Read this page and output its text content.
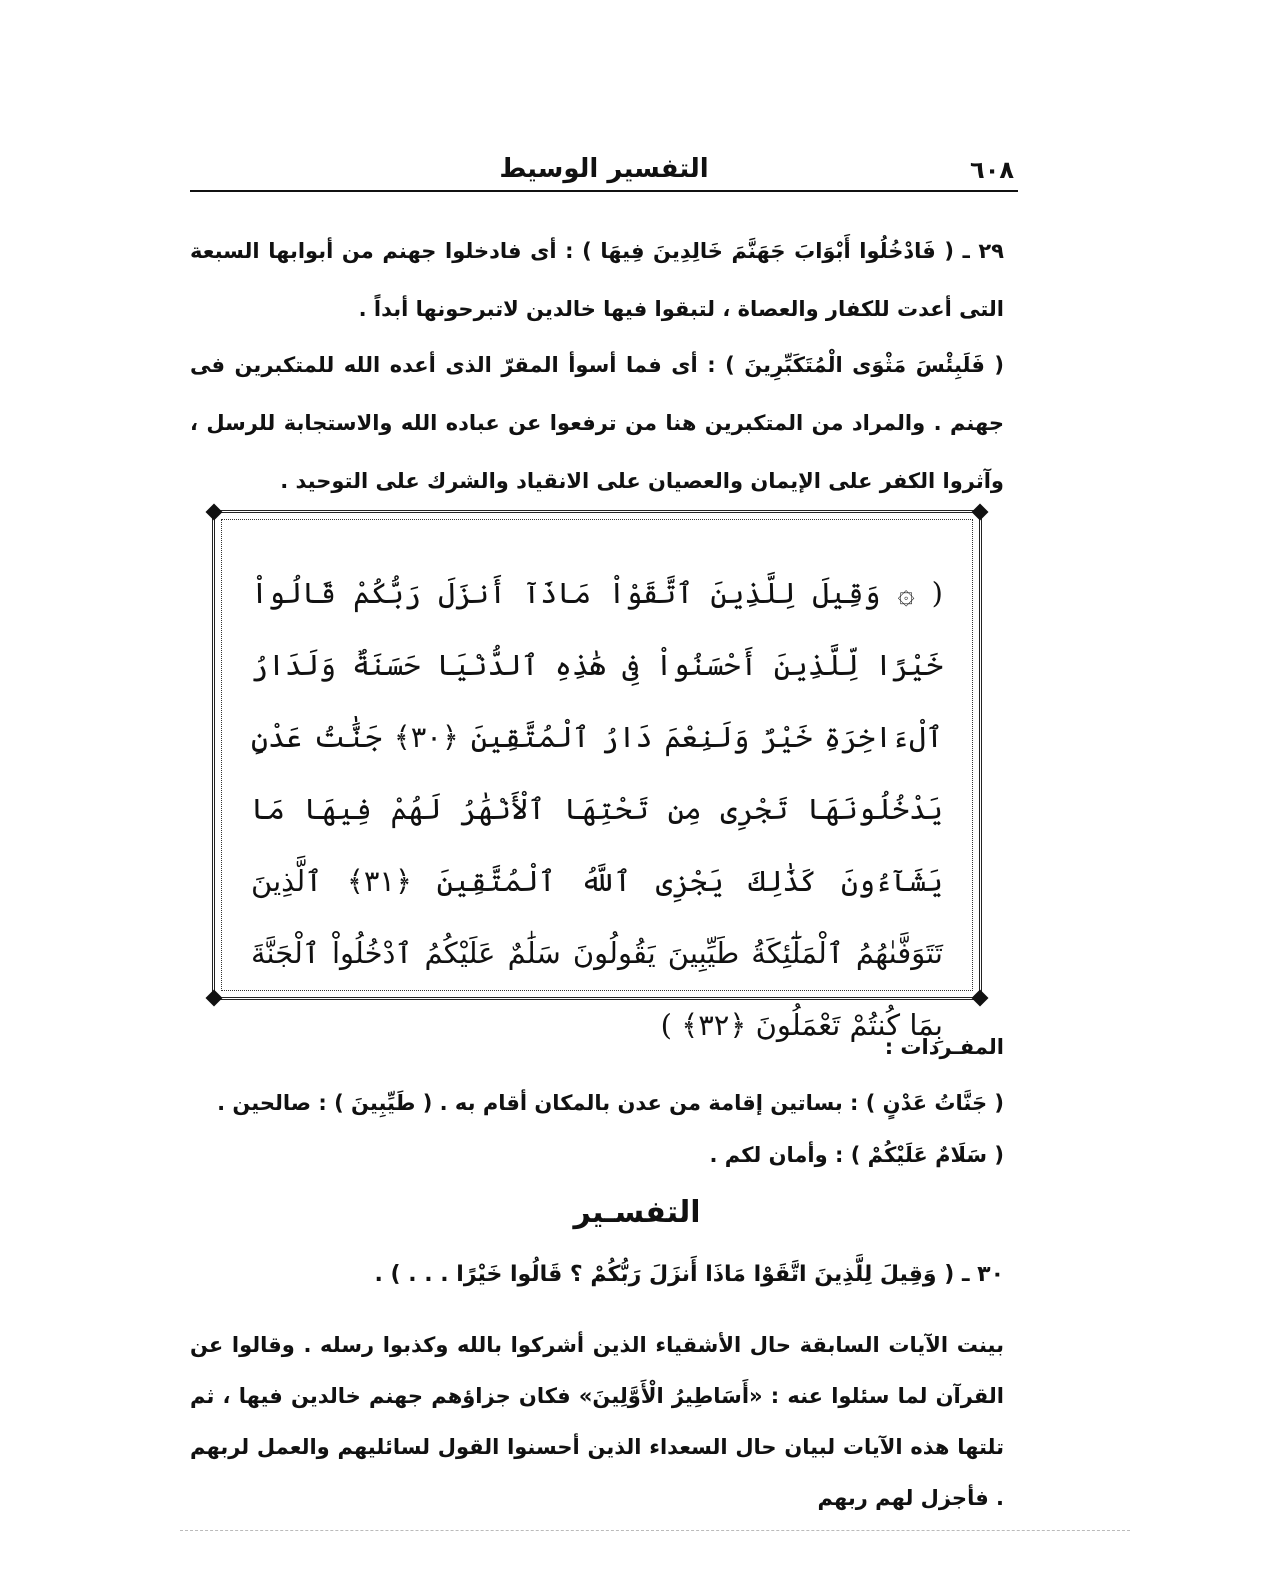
٦٠٨
التفسير الوسيط
٢٩ ـ ( فَادْخُلُوا أَبْوَابَ جَهَنَّمَ خَالِدِينَ فِيهَا ) : أى فادخلوا جهنم من أبوابها السبعة التى أعدت للكفار والعصاة ، لتبقوا فيها خالدين لاتبرحونها أبداً .
( فَلَبِئْسَ مَثْوَى الْمُتَكَبِّرِينَ ) : أى فما أسوأ المقرّ الذى أعده الله للمتكبرين فى جهنم . والمراد من المتكبرين هنا من ترفعوا عن عباده الله والاستجابة للرسل ، وآثروا الكفر على الإيمان والعصيان على الانقياد والشرك على التوحيد .
( ۞ وَقِيلَ لِلَّذِينَ ٱتَّقَوْاْ مَاذَآ أَنزَلَ رَبُّكُمْ قَالُواْ خَيْرًا لِّلَّذِينَ أَحْسَنُواْ فِى هَٰذِهِ ٱلدُّنْيَا حَسَنَةٌ وَلَدَارُ ٱلْءَاخِرَةِ خَيْرٌ وَلَنِعْمَ دَارُ ٱلْمُتَّقِينَ ﴿٣٠﴾ جَنَّٰتُ عَدْنٍ يَدْخُلُونَهَا تَجْرِى مِن تَحْتِهَا ٱلْأَنْهَٰرُ لَهُمْ فِيهَا مَا يَشَآءُونَ كَذَٰلِكَ يَجْزِى ٱللَّهُ ٱلْمُتَّقِينَ ﴿٣١﴾ ٱلَّذِينَ تَتَوَفَّىٰهُمُ ٱلْمَلَٰٓئِكَةُ طَيِّبِينَ يَقُولُونَ سَلَٰمٌ عَلَيْكُمُ ٱدْخُلُواْ ٱلْجَنَّةَ بِمَا كُنتُمْ تَعْمَلُونَ ﴿٣٢﴾ )
المفـردات :
( جَنَّاتُ عَدْنٍ ) : بساتين إقامة من عدن بالمكان أقام به . ( طَيِّبِينَ ) : صالحين .
( سَلَامٌ عَلَيْكُمْ ) : وأمان لكم .
التفسـير
٣٠ ـ ( وَقِيلَ لِلَّذِينَ اتَّقَوْا مَاذَا أَنزَلَ رَبُّكُمْ ؟ قَالُوا خَيْرًا . . . ) .
بينت الآيات السابقة حال الأشقياء الذين أشركوا بالله وكذبوا رسله . وقالوا عن القرآن لما سئلوا عنه : «أَسَاطِيرُ الْأَوَّلِينَ» فكان جزاؤهم جهنم خالدين فيها ، ثم تلتها هذه الآيات لبيان حال السعداء الذين أحسنوا القول لسائليهم والعمل لربهم . فأجزل لهم ربهم
